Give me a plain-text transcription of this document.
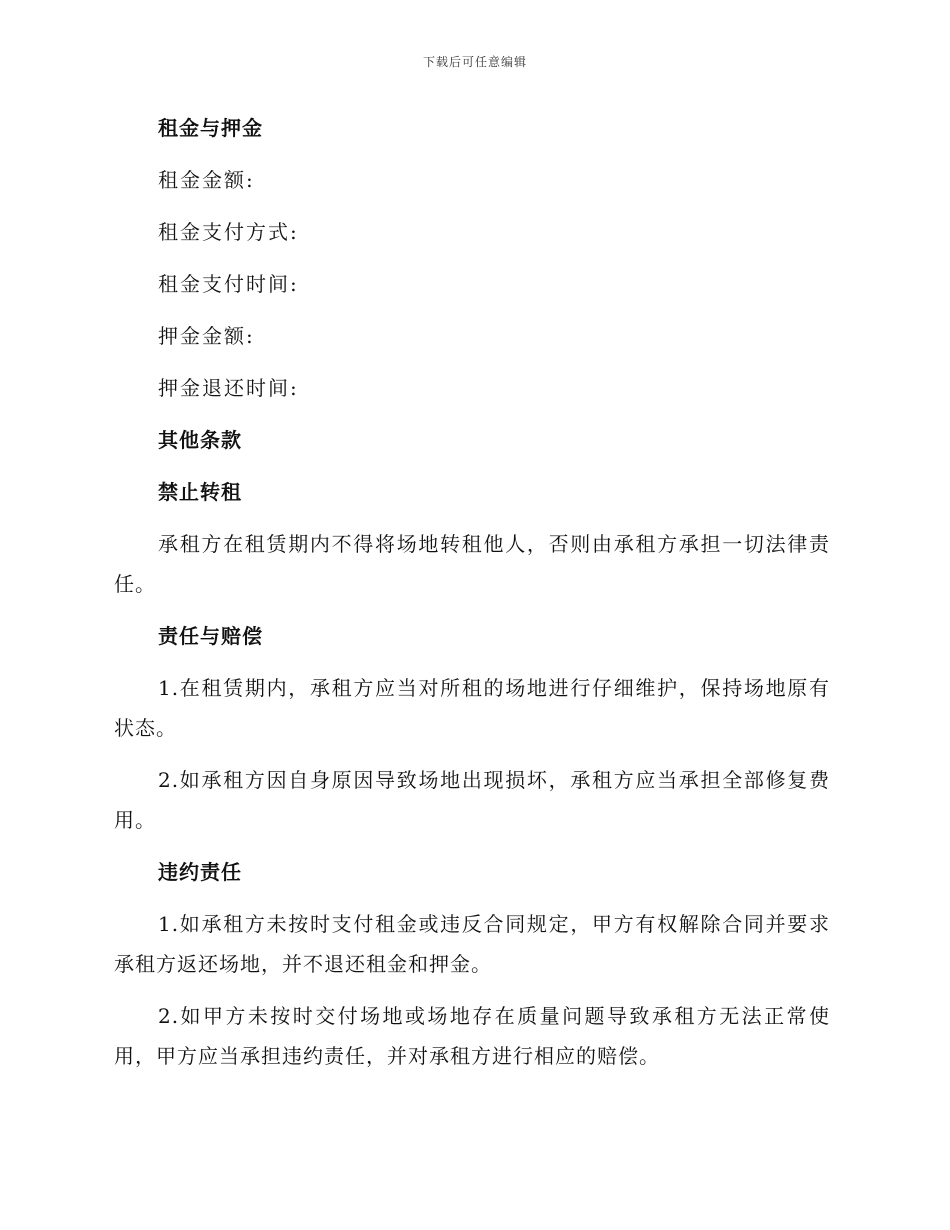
下载后可任意编辑
租金与押金
租金金额:
租金支付方式:
租金支付时间:
押金金额:
押金退还时间:
其他条款
禁止转租
承租方在租赁期内不得将场地转租他人，否则由承租方承担一切法律责任。
责任与赔偿
1.在租赁期内，承租方应当对所租的场地进行仔细维护，保持场地原有状态。
2.如承租方因自身原因导致场地出现损坏，承租方应当承担全部修复费用。
违约责任
1.如承租方未按时支付租金或违反合同规定，甲方有权解除合同并要求承租方返还场地，并不退还租金和押金。
2.如甲方未按时交付场地或场地存在质量问题导致承租方无法正常使用，甲方应当承担违约责任，并对承租方进行相应的赔偿。
